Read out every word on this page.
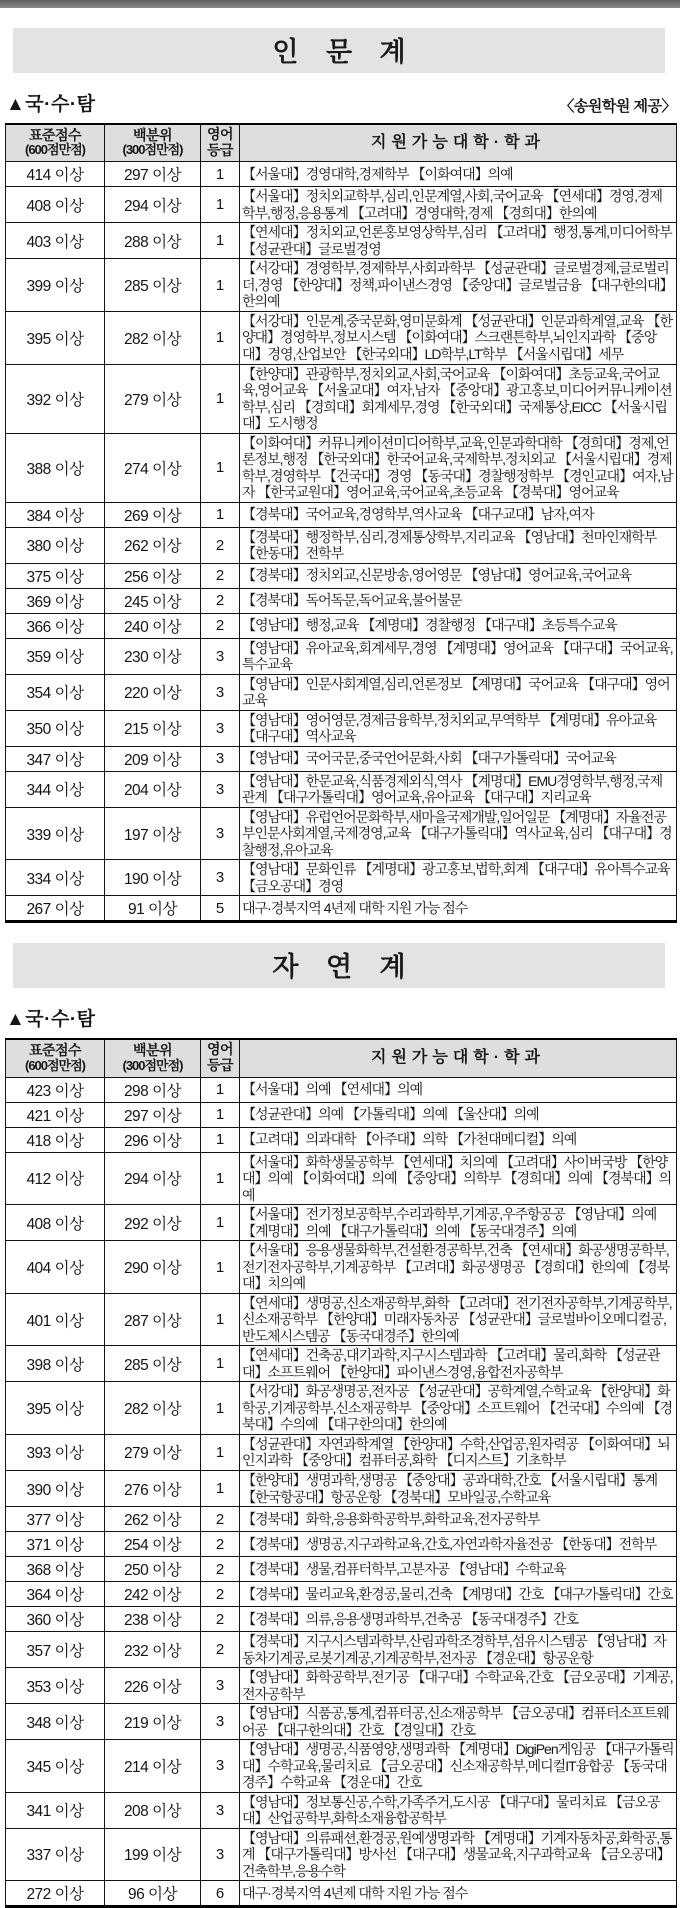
인 문 계
▲국·수·탐	〈송원학원 제공〉
표준점수
(600점만점)

백분위
(300점만점)

영어
등급	지원가능대학·학과
414 이상	297 이상	1	【서울대】경영대학,경제학부 【이화여대】의예
408 이상	294 이상	1	【서울대】정치외교학부,심리,인문계열,사회,국어교육 【연세대】경영,경제학부,행정,응용통계 【고려대】경영대학,경제 【경희대】한의예
403 이상	288 이상	1	【연세대】정치외교,언론홍보영상학부,심리 【고려대】행정,통계,미디어학부 【성균관대】글로벌경영
399 이상	285 이상	1	【서강대】경영학부,경제학부,사회과학부 【성균관대】글로벌경제,글로벌리더,경영 【한양대】정책,파이낸스경영 【중앙대】글로벌금융 【대구한의대】한의예
395 이상	282 이상	1	【서강대】인문계,중국문화,영미문화계 【성균관대】인문과학계열,교육 【한양대】경영학부,정보시스템 【이화여대】스크랜튼학부,뇌인지과학 【중앙대】경영,산업보안 【한국외대】LD학부,LT학부 【서울시립대】세무
392 이상	279 이상	1	【한양대】관광학부,정치외교,사회,국어교육 【이화여대】초등교육,국어교육,영어교육 【서울교대】여자,남자 【중앙대】광고홍보,미디어커뮤니케이션학부,심리 【경희대】회계세무,경영 【한국외대】국제통상,EICC 【서울시립대】도시행정
388 이상	274 이상	1	【이화여대】커뮤니케이션미디어학부,교육,인문과학대학 【경희대】경제,언론정보,행정 【한국외대】한국어교육,국제학부,정치외교 【서울시립대】경제학부,경영학부 【건국대】경영 【동국대】경찰행정학부 【경인교대】여자,남자 【한국교원대】영어교육,국어교육,초등교육 【경북대】영어교육
384 이상	269 이상	1	【경북대】국어교육,경영학부,역사교육 【대구교대】남자,여자
380 이상	262 이상	2	【경북대】행정학부,심리,경제통상학부,지리교육 【영남대】천마인재학부 【한동대】전학부
375 이상	256 이상	2	【경북대】정치외교,신문방송,영어영문 【영남대】영어교육,국어교육
369 이상	245 이상	2	【경북대】독어독문,독어교육,불어불문
366 이상	240 이상	2	【영남대】행정,교육 【계명대】경찰행정 【대구대】초등특수교육
359 이상	230 이상	3	【영남대】유아교육,회계세무,경영 【계명대】영어교육 【대구대】국어교육,특수교육
354 이상	220 이상	3	【영남대】인문사회계열,심리,언론정보 【계명대】국어교육 【대구대】영어교육
350 이상	215 이상	3	【영남대】영어영문,경제금융학부,정치외교,무역학부 【계명대】유아교육 【대구대】역사교육
347 이상	209 이상	3	【영남대】국어국문,중국언어문화,사회 【대구가톨릭대】국어교육
344 이상	204 이상	3	【영남대】한문교육,식품경제외식,역사 【계명대】EMU경영학부,행정,국제관계 【대구가톨릭대】영어교육,유아교육 【대구대】지리교육
339 이상	197 이상	3	【영남대】유럽언어문화학부,새마을국제개발,일어일문 【계명대】자율전공부인문사회계열,국제경영,교육 【대구가톨릭대】역사교육,심리 【대구대】경찰행정,유아교육
334 이상	190 이상	3	【영남대】문화인류 【계명대】광고홍보,법학,회계 【대구대】유아특수교육 【금오공대】경영
267 이상	91 이상	5	대구·경북지역 4년제 대학 지원 가능 점수
자 연 계
▲국·수·탐
표준점수
(600점만점)

백분위
(300점만점)

영어
등급	지원가능대학·학과
423 이상	298 이상	1	【서울대】의예 【연세대】의예
421 이상	297 이상	1	【성균관대】의예 【가톨릭대】의예 【울산대】의예
418 이상	296 이상	1	【고려대】의과대학 【아주대】의학 【가천대메디컬】의예
412 이상	294 이상	1	【서울대】화학생물공학부 【연세대】치의예 【고려대】사이버국방 【한양대】의예 【이화여대】의예 【중앙대】의학부 【경희대】의예 【경북대】의예
408 이상	292 이상	1	【서울대】전기정보공학부,수리과학부,기계공,우주항공공 【영남대】의예 【계명대】의예 【대구가톨릭대】의예 【동국대경주】의예
404 이상	290 이상	1	【서울대】응용생물화학부,건설환경공학부,건축 【연세대】화공생명공학부,전기전자공학부,기계공학부 【고려대】화공생명공 【경희대】한의예 【경북대】치의예
401 이상	287 이상	1	【연세대】생명공,신소재공학부,화학 【고려대】전기전자공학부,기계공학부,신소재공학부 【한양대】미래자동차공 【성균관대】글로벌바이오메디컬공,반도체시스템공 【동국대경주】한의예
398 이상	285 이상	1	【연세대】건축공,대기과학,지구시스템과학 【고려대】물리,화학 【성균관대】소프트웨어 【한양대】파이낸스경영,융합전자공학부
395 이상	282 이상	1	【서강대】화공생명공,전자공 【성균관대】공학계열,수학교육 【한양대】화학공,기계공학부,신소재공학부 【중앙대】소프트웨어 【건국대】수의예 【경북대】수의예 【대구한의대】한의예
393 이상	279 이상	1	【성균관대】자연과학계열 【한양대】수학,산업공,원자력공 【이화여대】뇌인지과학 【중앙대】컴퓨터공,화학 【디지스트】기초학부
390 이상	276 이상	1	【한양대】생명과학,생명공 【중앙대】공과대학,간호 【서울시립대】통계 【한국항공대】항공운항 【경북대】모바일공,수학교육
377 이상	262 이상	2	【경북대】화학,응용화학공학부,화학교육,전자공학부
371 이상	254 이상	2	【경북대】생명공,지구과학교육,간호,자연과학자율전공 【한동대】전학부
368 이상	250 이상	2	【경북대】생물,컴퓨터학부,고분자공 【영남대】수학교육
364 이상	242 이상	2	【경북대】물리교육,환경공,물리,건축 【계명대】간호 【대구가톨릭대】간호
360 이상	238 이상	2	【경북대】의류,응용생명과학부,건축공 【동국대경주】간호
357 이상	232 이상	2	【경북대】지구시스템과학부,산림과학조경학부,섬유시스템공 【영남대】자동차기계공,로봇기계공,기계공학부,전자공 【경운대】항공운항
353 이상	226 이상	3	【영남대】화학공학부,전기공 【대구대】수학교육,간호 【금오공대】기계공,전자공학부
348 이상	219 이상	3	【영남대】식품공,통계,컴퓨터공,신소재공학부 【금오공대】컴퓨터소프트웨어공 【대구한의대】간호 【경일대】간호
345 이상	214 이상	3	【영남대】생명공,식품영양,생명과학 【계명대】DigiPen게임공 【대구가톨릭대】수학교육,물리치료 【금오공대】신소재공학부,메디컬IT융합공 【동국대경주】수학교육 【경운대】간호
341 이상	208 이상	3	【영남대】정보통신공,수학,가족주거,도시공 【대구대】물리치료 【금오공대】산업공학부,화학소재융합공학부
337 이상	199 이상	3	【영남대】의류패션,환경공,원예생명과학 【계명대】기계자동차공,화학공,통계 【대구가톨릭대】방사선 【대구대】생물교육,지구과학교육 【금오공대】건축학부,응용수학
272 이상	96 이상	6	대구·경북지역 4년제 대학 지원 가능 점수
